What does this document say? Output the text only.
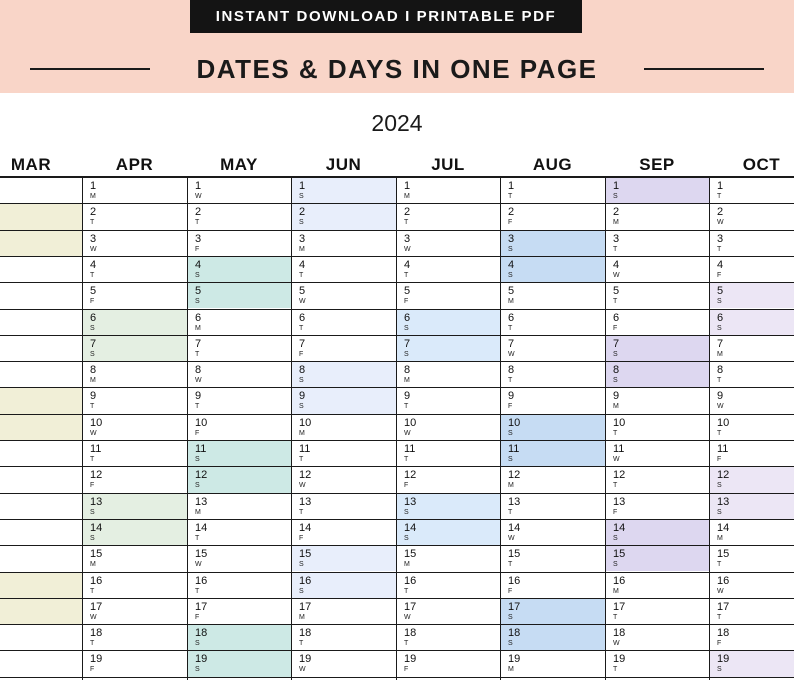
INSTANT DOWNLOAD I PRINTABLE PDF
DATES & DAYS IN ONE PAGE
2024
MAR	APR
1
M
2
T
3
W
4
T
5
F
6
S
7
S
8
M
9
T
10
W
11
T
12
F
13
S
14
S
15
M
16
T
17
W
18
T
19
F
MAY
1
W
2
T
3
F
4
S
5
S
6
M
7
T
8
W
9
T
10
F
11
S
12
S
13
M
14
T
15
W
16
T
17
F
18
S
19
S
JUN
1
S
2
S
3
M
4
T
5
W
6
T
7
F
8
S
9
S
10
M
11
T
12
W
13
T
14
F
15
S
16
S
17
M
18
T
19
W
JUL
1
M
2
T
3
W
4
T
5
F
6
S
7
S
8
M
9
T
10
W
11
T
12
F
13
S
14
S
15
M
16
T
17
W
18
T
19
F
AUG
1
T
2
F
3
S
4
S
5
M
6
T
7
W
8
T
9
F
10
S
11
S
12
M
13
T
14
W
15
T
16
F
17
S
18
S
19
M
SEP
1
S
2
M
3
T
4
W
5
T
6
F
7
S
8
S
9
M
10
T
11
W
12
T
13
F
14
S
15
S
16
M
17
T
18
W
19
T
OCT
1
T
2
W
3
T
4
F
5
S
6
S
7
M
8
T
9
W
10
T
11
F
12
S
13
S
14
M
15
T
16
W
17
T
18
F
19
S
